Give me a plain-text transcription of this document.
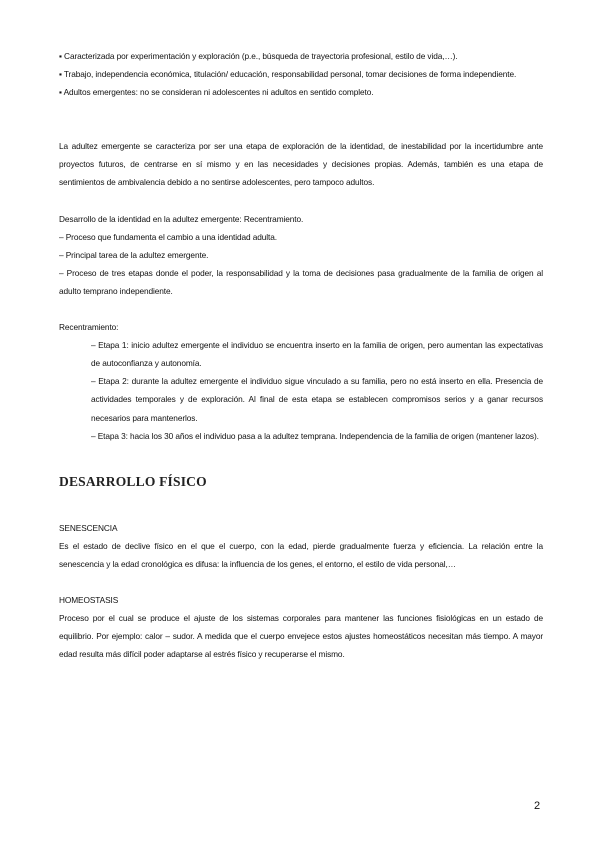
▪ Caracterizada por experimentación y exploración (p.e., búsqueda de trayectoria profesional, estilo de vida,…).

▪ Trabajo, independencia económica, titulación/ educación, responsabilidad personal, tomar decisiones de forma independiente.

▪ Adultos emergentes: no se consideran ni adolescentes ni adultos en sentido completo.

La adultez emergente se caracteriza por ser una etapa de exploración de la identidad, de inestabilidad por la incertidumbre ante proyectos futuros, de centrarse en sí mismo y en las necesidades y decisiones propias. Además, también es una etapa de sentimientos de ambivalencia debido a no sentirse adolescentes, pero tampoco adultos.

Desarrollo de la identidad en la adultez emergente: Recentramiento.

– Proceso que fundamenta el cambio a una identidad adulta.

– Principal tarea de la adultez emergente.

– Proceso de tres etapas donde el poder, la responsabilidad y la toma de decisiones pasa gradualmente de la familia de origen al adulto temprano independiente.

Recentramiento:

– Etapa 1: inicio adultez emergente el individuo se encuentra inserto en la familia de origen, pero aumentan las expectativas de autoconfianza y autonomía.

– Etapa 2: durante la adultez emergente el individuo sigue vinculado a su familia, pero no está inserto en ella. Presencia de actividades temporales y de exploración. Al final de esta etapa se establecen compromisos serios y a ganar recursos necesarios para mantenerlos.

– Etapa 3: hacia los 30 años el individuo pasa a la adultez temprana. Independencia de la familia de origen (mantener lazos).

DESARROLLO FÍSICO

SENESCENCIA

Es el estado de declive físico en el que el cuerpo, con la edad, pierde gradualmente fuerza y eficiencia. La relación entre la senescencia y la edad cronológica es difusa: la influencia de los genes, el entorno, el estilo de vida personal,…

HOMEOSTASIS

Proceso por el cual se produce el ajuste de los sistemas corporales para mantener las funciones fisiológicas en un estado de equilibrio. Por ejemplo: calor – sudor. A medida que el cuerpo envejece estos ajustes homeostáticos necesitan más tiempo. A mayor edad resulta más difícil poder adaptarse al estrés físico y recuperarse el mismo.

2
